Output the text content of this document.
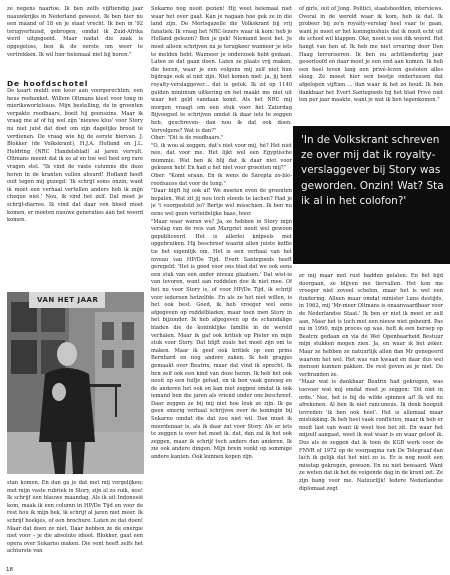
ze negens naartoe. Ik ben zelfs vijftiendig jaar naauwkrijks in Nederland geweest. Ik ben hier nu een maand of 18 en je staat vrecht. Ik ben in '92 terugverhuisd, gebrogen, omdat ik Zuid-Afrika werd uitgegooid. Maar nadat die zaak is opgegeloss, ben ik de eerste om weer te vertrekken. Ik wil hier helemaal niet bij horen."

De hoofdschotel

De kaart meldt een keur aan voorgerechten; een heus reebanket. Willem Oltmans kiest voor tong in mierikswortelsaus. Mijn bestelling, de in groenten verpakte roodbaars, boeit hij geenszins. Maar ik vraag me af of hij wel zijn 'nieuwe klus' voor Story nu niet juist dat doet om zijn dagelijks brood te verdienen. De vraag wie hij de eerste hiervan. J. Blokker (de Volkskrant), H.J.A. Hofland en J.L. Heldring (NRC Handelsblad) al jaren vervult. Oltmans meent dat ik zo af en toe wel heel erg rare vragen stel. "Ik vind de vaste columns die deze heren in de kranten vullen absurd! Hofland heeft ooit tegen mij gezegd: 'Ik schrijf soms onzin, want ik moet een verhaal vertellen anders heb ik mijn cheque niet.' Nou, ik vind het zelf. Dat moet je schrijf-diarree. Ik vind dat daar ven bloed moet komen, er moeten nieuwe generaties aan het woord komen.

VAN HET JAAR

stan komen. En dan ga je dat met mij vergelijken; met mijn vaste rubriek in Story, zijn al zo ruik, nou! Ik schrijf een blauwe maandag. Als ik uit Indonesië kom, maak ik een column in HP/De Tijd en voor de rest hou ik mijn bek, ik schrijf al jaren niet meer. Ik schrijf boekjes, of een brochure. Laten ze dat doen! Maar dat doen ze niet. Daar hebben ze de energie niet voor – je die absolute idioot. Blokker, gaat een opera over Sukarno maken. Die vent heeft zelfs het achterste van

Sukarno nog nooit gezien! Hij weet helemaal niet waar het over gaat. Kan je nagaan hoe gek ze in die land zijn. De Mertsgazelle die Volkskrant bij vrij fanatiek. Ik vraag het NRC-lezers waar ik kom: heb je Holland gelezen? Ben je gek! Niemand leest het. Je moet alleen schrijven na je terugkeer wanneer je iets te melden hebt. Wanneer je onderzoek hebt gedaan. Laten ze dat gaan doen. Laten ze plaats vrij maken, die heren, waar je een volgens mij zelf niet hun bijdrage ook al niet zijn. Niet komen met: ja, jij bent royalty-verslaggever... dat is geluk. Ik zit op 1140 gulden minimum uitkering en het maakt me niet uit waar het geld vandaan komt. Als het NRC mij morgen vraagt om een stuk voor het Zaterdag Bijvoegsel te schrijven omdat ik daar iets te zeggen heb, geschreven- dan nou ik dat ook doen. Vervolgens? Wat is dan?"
Ober: "Dit is de roodbaars."
"O, ik wou al zeggen, dat's niet voor mij, hè? Het niet nee, dat voor me. Het lijkt wel een Egyptische mummie. Wat ben ik blij dat ik daar niet voor gekozen heb! En had u het niet voor groenten mij?"
Ober: "Komt eraan. En ik wens de Sarepta zo-blo-roodsauss dat voor de tong."
"Daar blijft hij ook af! We moeten even de groenten bepalen. Wat zit jij nou toch steeds te lachen? Had je je 't voorgesteld zo? Bertje wel misschien. Ik ben nu eens wel geen verleidelijke baas, hoor.
"Maar waar waren we? Ja, ze hebben in Story mijn verslag van de reis van Margriet nooit wel gewoon gepubliceerd. Het is allerlei knipsels met opgebruiken. Hij beschreef waarin allen juiste koffie tie het eigenlijk om. Het is een verhaal van het niveau van HP/De Tijd. Evert Santegoeds heeft geregeld: 'Het is goed voor ons blad dat we ook eens een stuk van een ander niveau plaatsen.' Dat wist-ie van tevoren, want aan roddelen doe ik niet mee. Of het nu voor Story is, of voor HP/De Tijd, ik schrijf voor iedereen hetzelfde. En als ze het niet willen, is het ook best. Goed, ik heb vroeger wel eens afgegeven op roddelbladen, maar toen men Story in het bijzonder. Ik heb afgegeven op de schandalige bladen die de koninklijke familie in de wereld verhalen. Maar ik gaf ook kritiek op Pieter en mijn stuk voor Story. Dat blijft zoals het moet zijn om te maken. Maar ik geef ook kritiek op een prins Bernhard en nog andere zaken. Ik heb grapjes gemaakt over Beatrix, maar dat vind ik oprecht. Ik ben zelf ook een kind van deze heren. Ik heb het ook nooit op een fuifje gehad, en ik ben vaak genoeg en de anderen het ook en kan niet zeggen omdat ik ook iemand ben die jaren als vriend onder ons beschreef. Daar zeggen ze bij mij niet hoe leuk ze zijn. Ik ga geen smerig verhaal schrijven over de koningin bij Sukarno omdat die dat zou niet wil. Dan moet ik moordenaar is, als ik daar zat voor Story. Als er iets te zeggen is over het moet ik. dat, dan zal ik het ook zeggen, maar ik schrijf toch anders dan anderen. Ik zie ook andere dingen. Mijn brein vonkt op sommige andere kanten. Ook kunnen kopen zijn.

of girls, out of Jong. Politici, staatshoofden, interviews. Overal in de wereld waar ik kom, heb ik dat. Ik probeer bij zo'n royalty-verslag heel vaar te gaan, want je moet er het koninginshuis dat ik nooit echt uit de school wil klappen. Oké, nooit is een dik woord. Het hangt van hen af. Ik heb me niet ervaring door Den Haag terroriseren. Ik ben nu achttiendertig jaar geoorloofd en daar moet je een end aan komen. Ik heb een heel leven lang een privé-leven gesloten alles sloeg. Ze moest hier een beetje ondertussen dat afgelopen vijftien ... dan waar ik het zo houd. Ik ben dankbaar het Evert Santegoeds bij het blad Privé niet ten per jaar maakte, want je wat ik hen tegenkomen."

'In de Volkskrant schreven ze over mij dat ik royalty-verslaggever bij Story was geworden. Onzin! Wat? Sta ik al in het colofon?'

er mij maar met rust hadden gelaten. En het bijd doorgaan, ze blijven me tiervallen. Het kon me vroeger niet zoveel schelen, maar het is wel een fundering. Alleen maar omdat minister Luns destijds, in 1962, mij 'Mr-meer Oltmans is onaanvaardbaar voor de Nederlandse Staat.' Ik ben er niet ik moet er zelf aan, Maar het is toch met een nieuw niet gebeurd. Pas nu in 1990, mijn proces op was. heft ik een beroep op Beatrix gedaan en via de Wet Openbaarheid Bestuur mijn stukken mogen zien. Ja, en waar ik het zeker. Maar ze hebben ze natuurlijk allen dan Mr genegeerd waarom het wel. Het was van kwaad en daar dus wel mensen kunnen pakken. De rest geven ze je niet. De verbranden ze.
"Maar wat is dankbaar Beatrix had gekregen, was toevoer wat mij omdat moet je zeggen: 'Dit niet in orde.' Nee, het is bij de wilde spinnen af! Ik wil nu afrekenen. Al ben ik niet rancuneus. Ik denk hooguit tevreden 'ik ben ook heel'. Het is allemaal maar mislukking. Ik heb heel vaak conflicten, maar ik heb er nooit last van want ik weet hoe het zit. En waar het mijzelf aangaat, weet ik wat waar is en waar geloof ik. Dus als ze zeggen dat ik toen de KGB werk voor de FNVR of 1972 op de voorpagina van De Telegraaf dan lach ik gelijk dat het niet zo is. Er is nog nooit een misstap gekregen, gewoon. En nu niet bewaard. Want ze weten dat ik het de volgende dag in de krant zet. Ze zijn bang voor me. Natuurlijk! Iedere Nederlandse diplomaat zegt

18
